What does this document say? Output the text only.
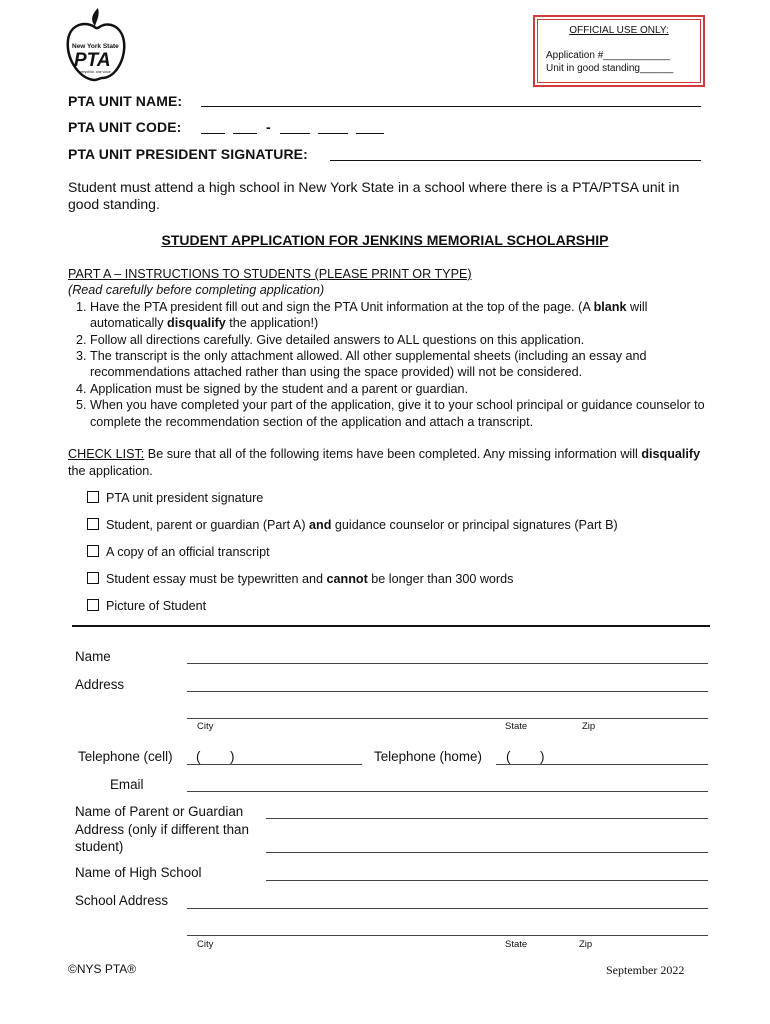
New York State
PTA
everychild. one voice.
OFFICIAL USE ONLY:
Application #____________
Unit in good standing______
PTA UNIT NAME:
PTA UNIT CODE:	-
PTA UNIT PRESIDENT SIGNATURE:
Student must attend a high school in New York State in a school where there is a PTA/PTSA unit in good standing.
STUDENT APPLICATION FOR JENKINS MEMORIAL SCHOLARSHIP
PART A – INSTRUCTIONS TO STUDENTS (PLEASE PRINT OR TYPE)
(Read carefully before completing application)
1. Have the PTA president fill out and sign the PTA Unit information at the top of the page. (A blank will automatically disqualify the application!)
2. Follow all directions carefully. Give detailed answers to ALL questions on this application.
3. The transcript is the only attachment allowed. All other supplemental sheets (including an essay and recommendations attached rather than using the space provided) will not be considered.
4. Application must be signed by the student and a parent or guardian.
5. When you have completed your part of the application, give it to your school principal or guidance counselor to complete the recommendation section of the application and attach a transcript.
CHECK LIST: Be sure that all of the following items have been completed. Any missing information will disqualify the application.
PTA unit president signature
Student, parent or guardian (Part A) and guidance counselor or principal signatures (Part B)
A copy of an official transcript
Student essay must be typewritten and cannot be longer than 300 words
Picture of Student
Name
Address
City	State	Zip
Telephone (cell) ( )	Telephone (home) ( )
Email
Name of Parent or Guardian
Address (only if different than
student)
Name of High School
School Address
City	State	Zip
©NYS PTA®	September 2022
